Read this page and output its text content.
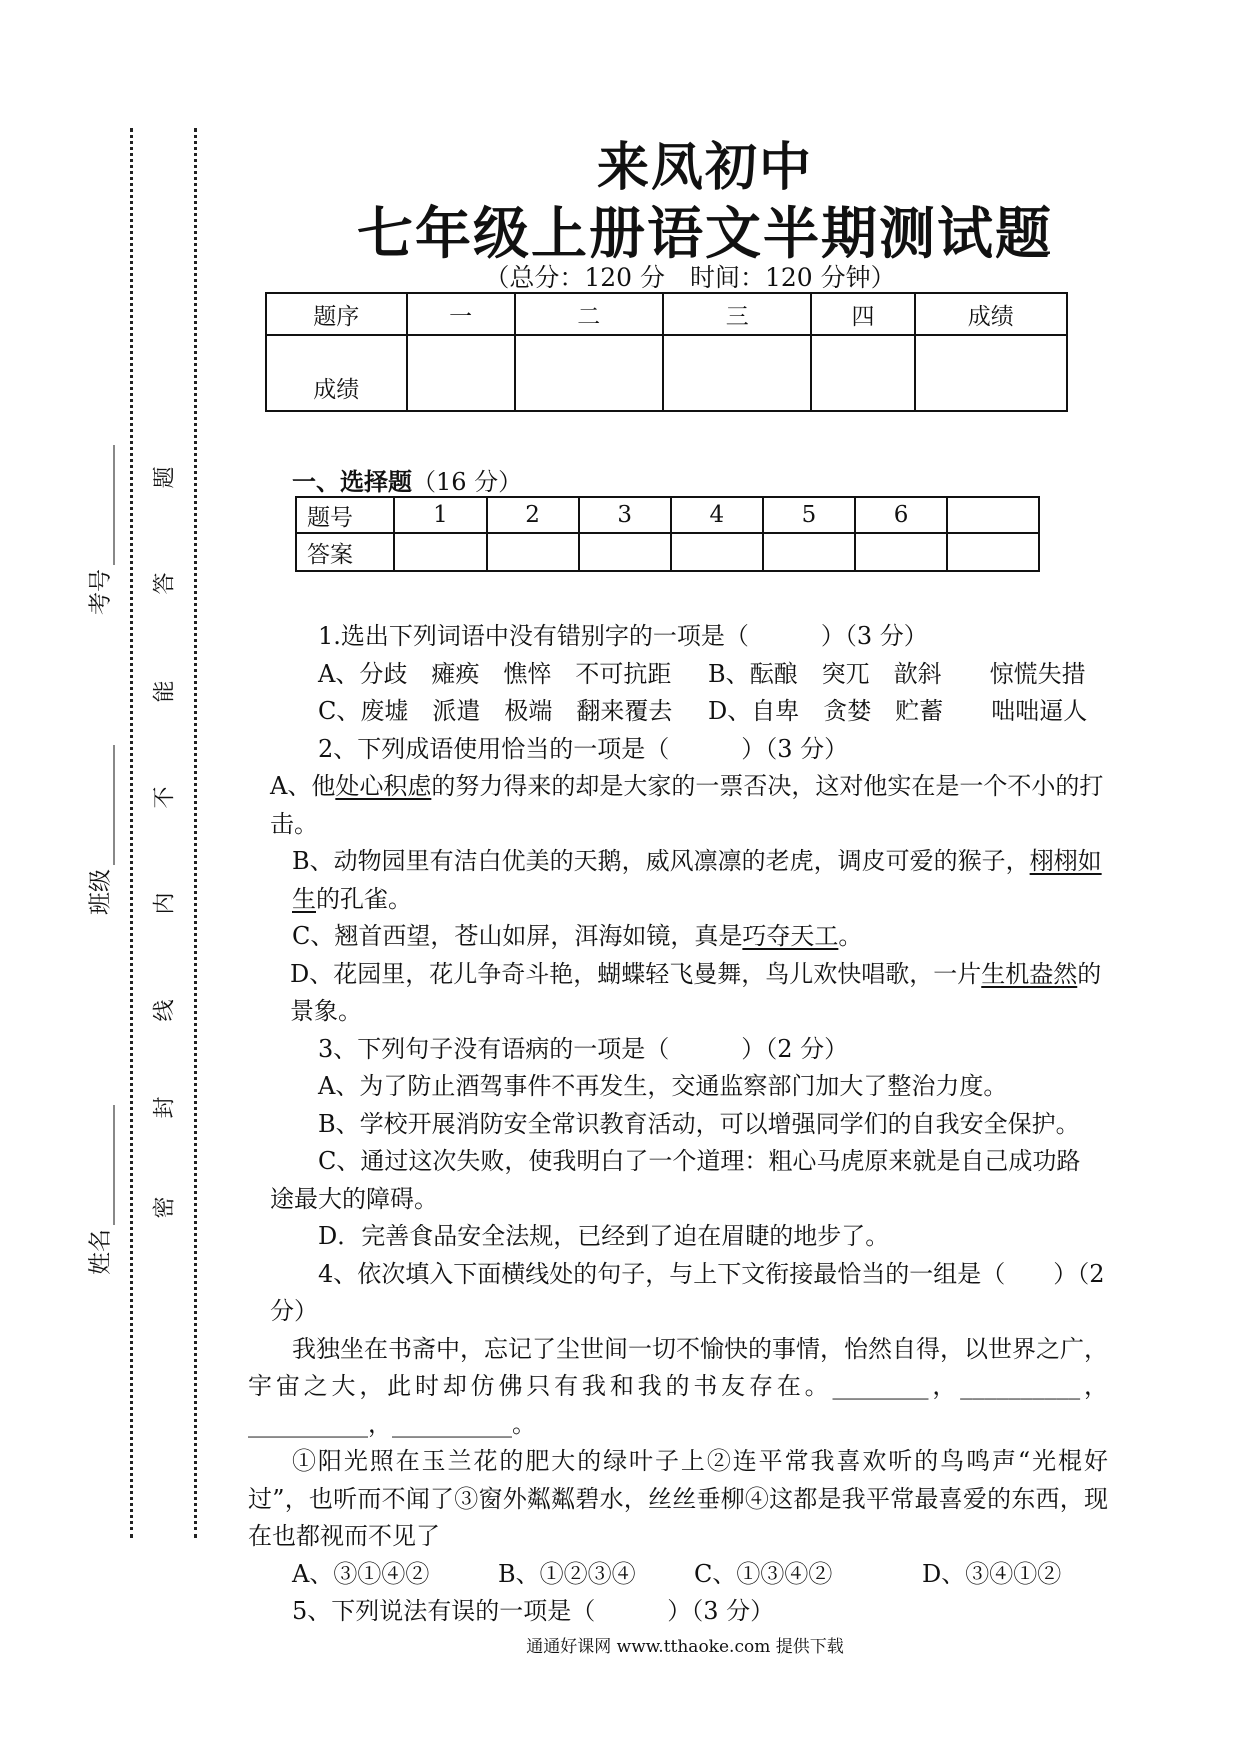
考号
班级
姓名
题
答
能
不
内
线
封
密
来凤初中
七年级上册语文半期测试题
（总分：120 分　时间：120 分钟）
题序	一	二	三	四	成绩
成绩					
一、选择题（16 分）
题号	1	2	3	4	5	6	
答案							

1.选出下列词语中没有错别字的一项是（　　　）（3 分）

A、分歧　瘫痪　憔悴　不可抗距	B、酝酿　突兀　歆斜　　惊慌失措

C、废墟　派遣　极端　翻来覆去	D、自卑　贪婪　贮蓄　　咄咄逼人

2、下列成语使用恰当的一项是（　　　）（3 分）

A、他处心积虑的努力得来的却是大家的一票否决，这对他实在是一个不小的打击。

B、动物园里有洁白优美的天鹅，威风凛凛的老虎，调皮可爱的猴子，栩栩如生的孔雀。

C、翘首西望，苍山如屏，洱海如镜，真是巧夺天工。

D、花园里，花儿争奇斗艳，蝴蝶轻飞曼舞，鸟儿欢快唱歌，一片生机盎然的景象。

3、下列句子没有语病的一项是（　　　）（2 分）

A、为了防止酒驾事件不再发生，交通监察部门加大了整治力度。

B、学校开展消防安全常识教育活动，可以增强同学们的自我安全保护。

C、通过这次失败，使我明白了一个道理：粗心马虎原来就是自己成功路

途最大的障碍。

D．完善食品安全法规，已经到了迫在眉睫的地步了。

4、依次填入下面横线处的句子，与上下文衔接最恰当的一组是（　　）（2

分）

我独坐在书斋中，忘记了尘世间一切不愉快的事情，怡然自得，以世界之广，宇宙之大，此时却仿佛只有我和我的书友存在。________，__________，__________，__________。

①阳光照在玉兰花的肥大的绿叶子上②连平常我喜欢听的鸟鸣声“光棍好过”，也听而不闻了③窗外粼粼碧水，丝丝垂柳④这都是我平常最喜爱的东西，现在也都视而不见了

A、③①④②	B、①②③④	C、①③④②	D、③④①②

5、下列说法有误的一项是（　　　）（3 分）

通通好课网 www.tthaoke.com 提供下载
